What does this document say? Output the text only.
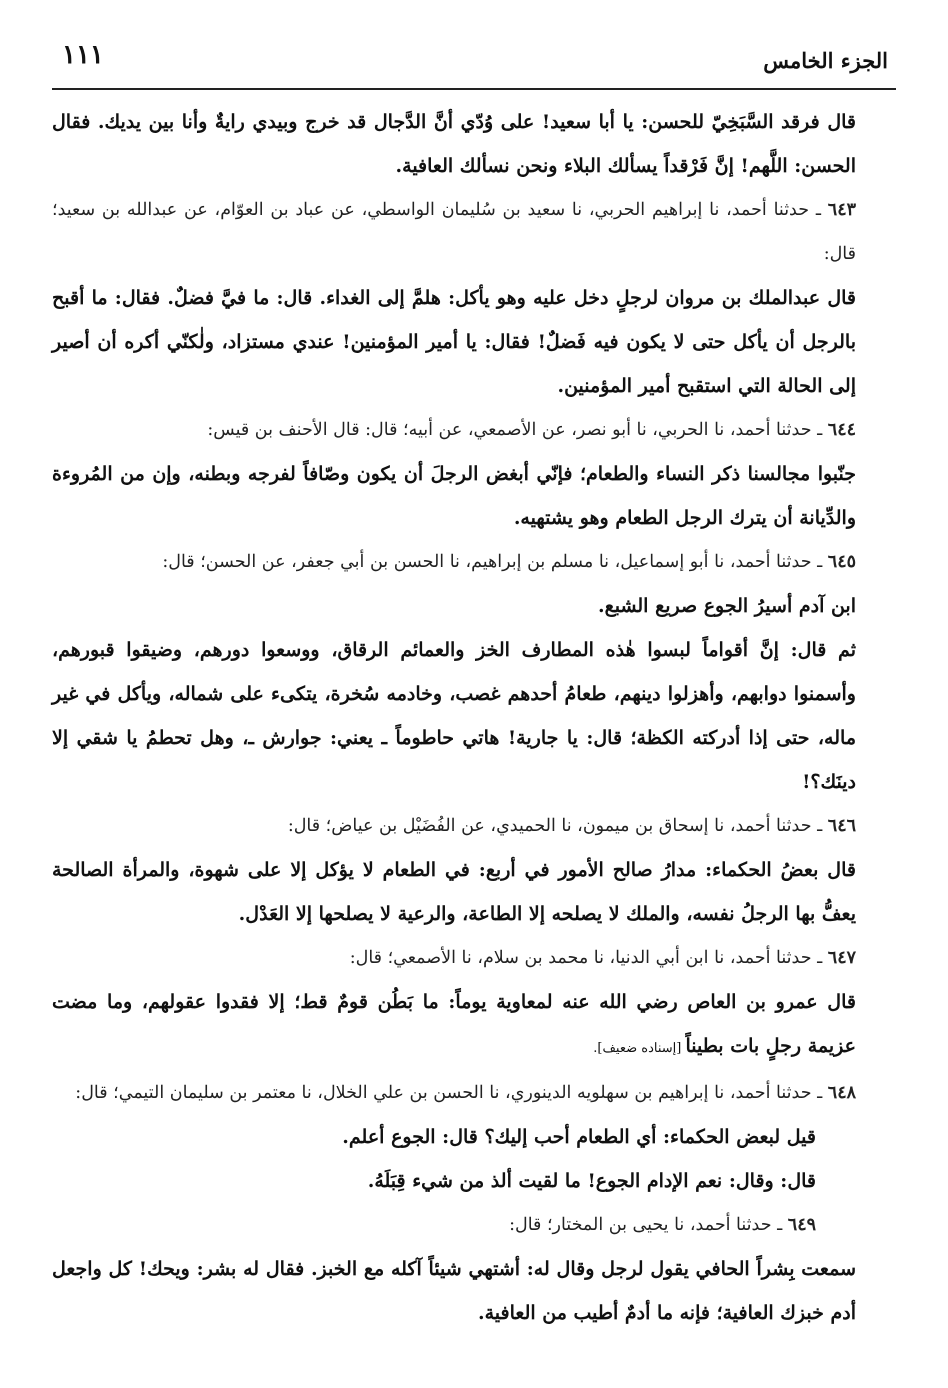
١١١	الجزء الخامس

قال فرقد السَّبَخِيّ للحسن: يا أبا سعيد! على وُدّي أنَّ الدَّجال قد خرج وبيدي رايةٌ وأنا بين يديك. فقال الحسن: اللَّهم! إنَّ فَرْقداً يسألك البلاء ونحن نسألك العافية.

٦٤٣ ـ حدثنا أحمد، نا إبراهيم الحربي، نا سعيد بن سُليمان الواسطي، عن عباد بن العوّام، عن عبدالله بن سعيد؛ قال:

قال عبدالملك بن مروان لرجلٍ دخل عليه وهو يأكل: هلمَّ إلى الغداء. قال: ما فيَّ فضلٌ. فقال: ما أقبح بالرجل أن يأكل حتى لا يكون فيه فَضلٌ! فقال: يا أمير المؤمنين! عندي مستزاد، ولٰكنّي أكره أن أصير إلى الحالة التي استقبح أمير المؤمنين.

٦٤٤ ـ حدثنا أحمد، نا الحربي، نا أبو نصر، عن الأصمعي، عن أبيه؛ قال: قال الأحنف بن قيس:

جنّبوا مجالسنا ذكر النساء والطعام؛ فإنّي أبغض الرجلَ أن يكون وصّافاً لفرجه وبطنه، وإن من المُروءة والدِّيانة أن يترك الرجل الطعام وهو يشتهيه.

٦٤٥ ـ حدثنا أحمد، نا أبو إسماعيل، نا مسلم بن إبراهيم، نا الحسن بن أبي جعفر، عن الحسن؛ قال:

ابن آدم أسيرُ الجوع صريع الشبع.

ثم قال: إنَّ أقواماً لبسوا هٰذه المطارف الخز والعمائم الرقاق، ووسعوا دورهم، وضيقوا قبورهم، وأسمنوا دوابهم، وأهزلوا دينهم، طعامُ أحدهم غصب، وخادمه سُخرة، يتكىء على شماله، ويأكل في غير ماله، حتى إذا أدركته الكظة؛ قال: يا جارية! هاتي حاطوماً ـ يعني: جوارش ـ، وهل تحطمُ يا شقي إلا دينَك؟!

٦٤٦ ـ حدثنا أحمد، نا إسحاق بن ميمون، نا الحميدي، عن الفُضَيْل بن عياض؛ قال:

قال بعضُ الحكماء: مدارُ صالح الأمور في أربع: في الطعام لا يؤكل إلا على شهوة، والمرأة الصالحة يعفُّ بها الرجلُ نفسه، والملك لا يصلحه إلا الطاعة، والرعية لا يصلحها إلا العَدْل.

٦٤٧ ـ حدثنا أحمد، نا ابن أبي الدنيا، نا محمد بن سلام، نا الأصمعي؛ قال:

قال عمرو بن العاص رضي الله عنه لمعاوية يوماً: ما بَطُن قومٌ قط؛ إلا فقدوا عقولهم، وما مضت عزيمة رجلٍ بات بطيناً [إسناده ضعيف].

٦٤٨ ـ حدثنا أحمد، نا إبراهيم بن سهلويه الدينوري، نا الحسن بن علي الخلال، نا معتمر بن سليمان التيمي؛ قال:

قيل لبعض الحكماء: أي الطعام أحب إليك؟ قال: الجوع أعلم.

قال: وقال: نعم الإدام الجوع! ما لقيت ألذ من شيء قِبَلَهُ.

٦٤٩ ـ حدثنا أحمد، نا يحيى بن المختار؛ قال:

سمعت بِشراً الحافي يقول لرجل وقال له: أشتهي شيئاً آكله مع الخبز. فقال له بشر: ويحك! كل واجعل أدم خبزك العافية؛ فإنه ما أدمٌ أطيب من العافية.
